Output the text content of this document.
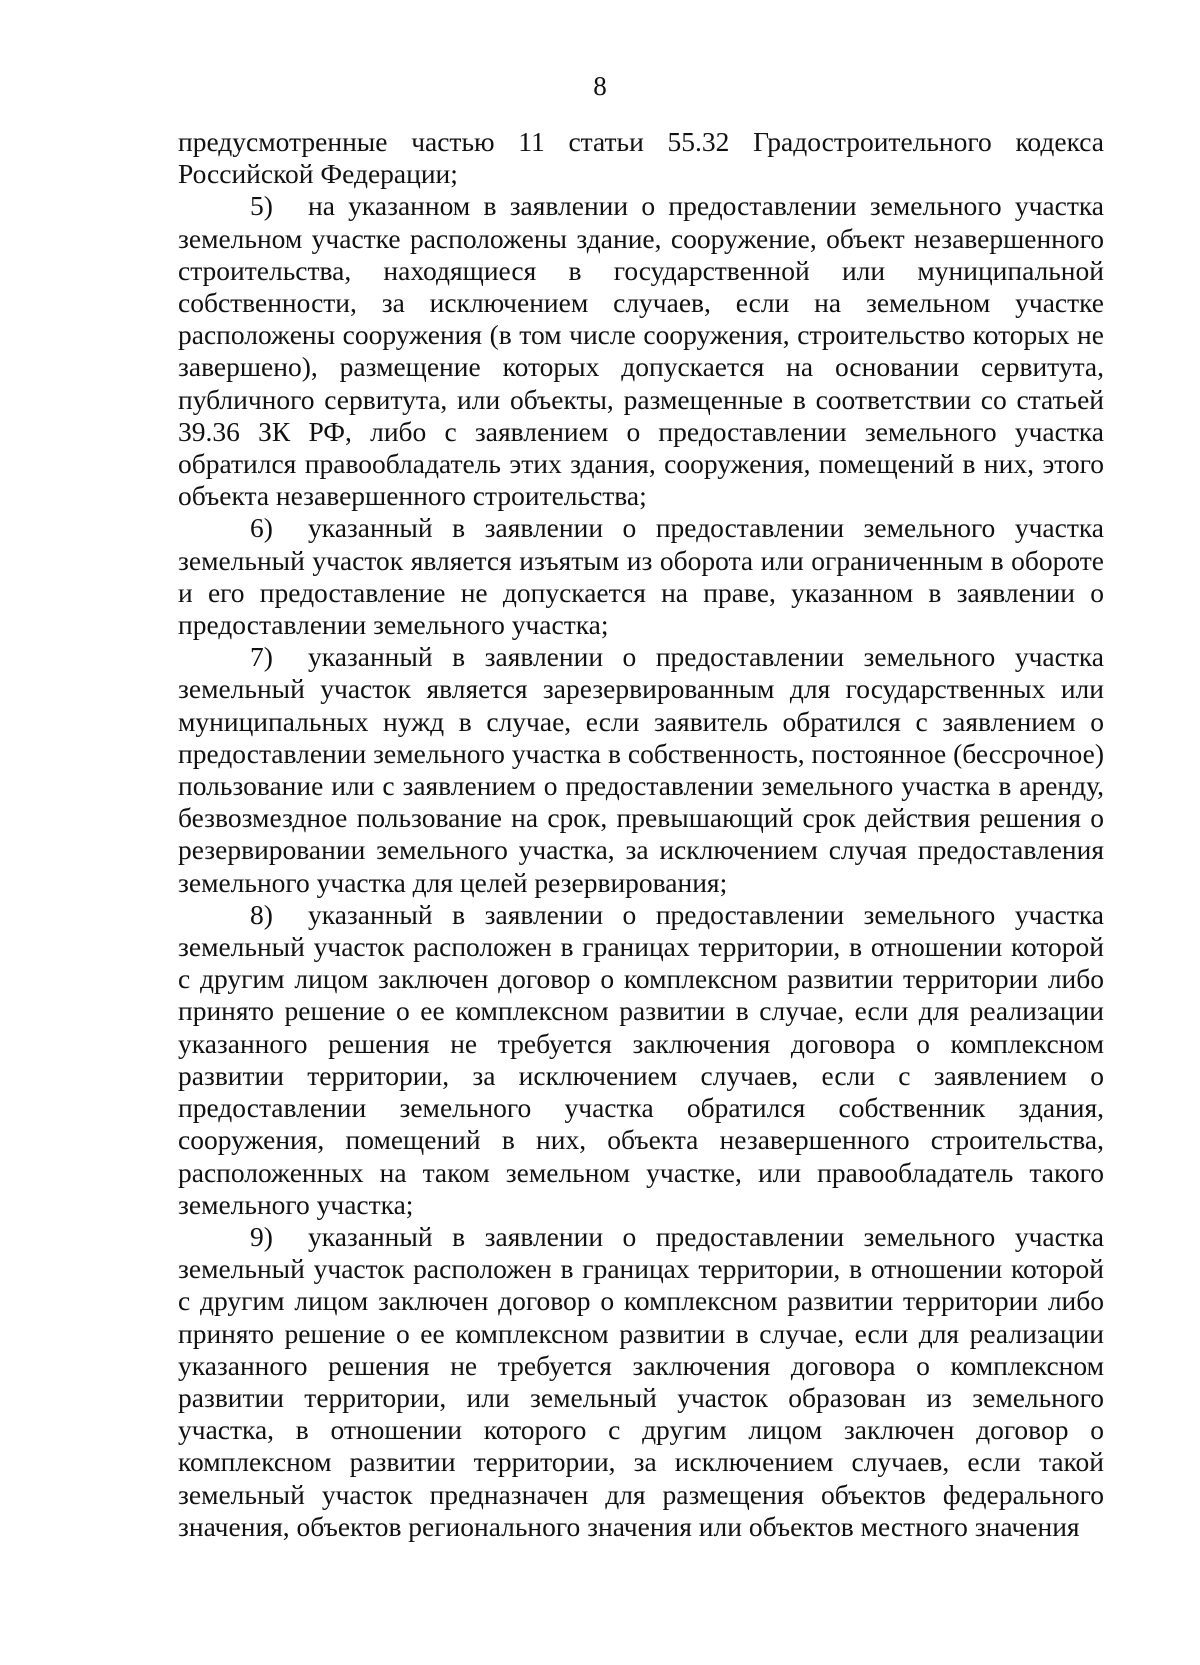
8

предусмотренные частью 11 статьи 55.32 Градостроительного кодекса Российской Федерации;

5) на указанном в заявлении о предоставлении земельного участка земельном участке расположены здание, сооружение, объект незавершенного строительства, находящиеся в государственной или муниципальной собственности, за исключением случаев, если на земельном участке расположены сооружения (в том числе сооружения, строительство которых не завершено), размещение которых допускается на основании сервитута, публичного сервитута, или объекты, размещенные в соответствии со статьей 39.36 ЗК РФ, либо с заявлением о предоставлении земельного участка обратился правообладатель этих здания, сооружения, помещений в них, этого объекта незавершенного строительства;

6) указанный в заявлении о предоставлении земельного участка земельный участок является изъятым из оборота или ограниченным в обороте и его предоставление не допускается на праве, указанном в заявлении о предоставлении земельного участка;

7) указанный в заявлении о предоставлении земельного участка земельный участок является зарезервированным для государственных или муниципальных нужд в случае, если заявитель обратился с заявлением о предоставлении земельного участка в собственность, постоянное (бессрочное) пользование или с заявлением о предоставлении земельного участка в аренду, безвозмездное пользование на срок, превышающий срок действия решения о резервировании земельного участка, за исключением случая предоставления земельного участка для целей резервирования;

8) указанный в заявлении о предоставлении земельного участка земельный участок расположен в границах территории, в отношении которой с другим лицом заключен договор о комплексном развитии территории либо принято решение о ее комплексном развитии в случае, если для реализации указанного решения не требуется заключения договора о комплексном развитии территории, за исключением случаев, если с заявлением о предоставлении земельного участка обратился собственник здания, сооружения, помещений в них, объекта незавершенного строительства, расположенных на таком земельном участке, или правообладатель такого земельного участка;

9) указанный в заявлении о предоставлении земельного участка земельный участок расположен в границах территории, в отношении которой с другим лицом заключен договор о комплексном развитии территории либо принято решение о ее комплексном развитии в случае, если для реализации указанного решения не требуется заключения договора о комплексном развитии территории, или земельный участок образован из земельного участка, в отношении которого с другим лицом заключен договор о комплексном развитии территории, за исключением случаев, если такой земельный участок предназначен для размещения объектов федерального значения, объектов регионального значения или объектов местного значения
